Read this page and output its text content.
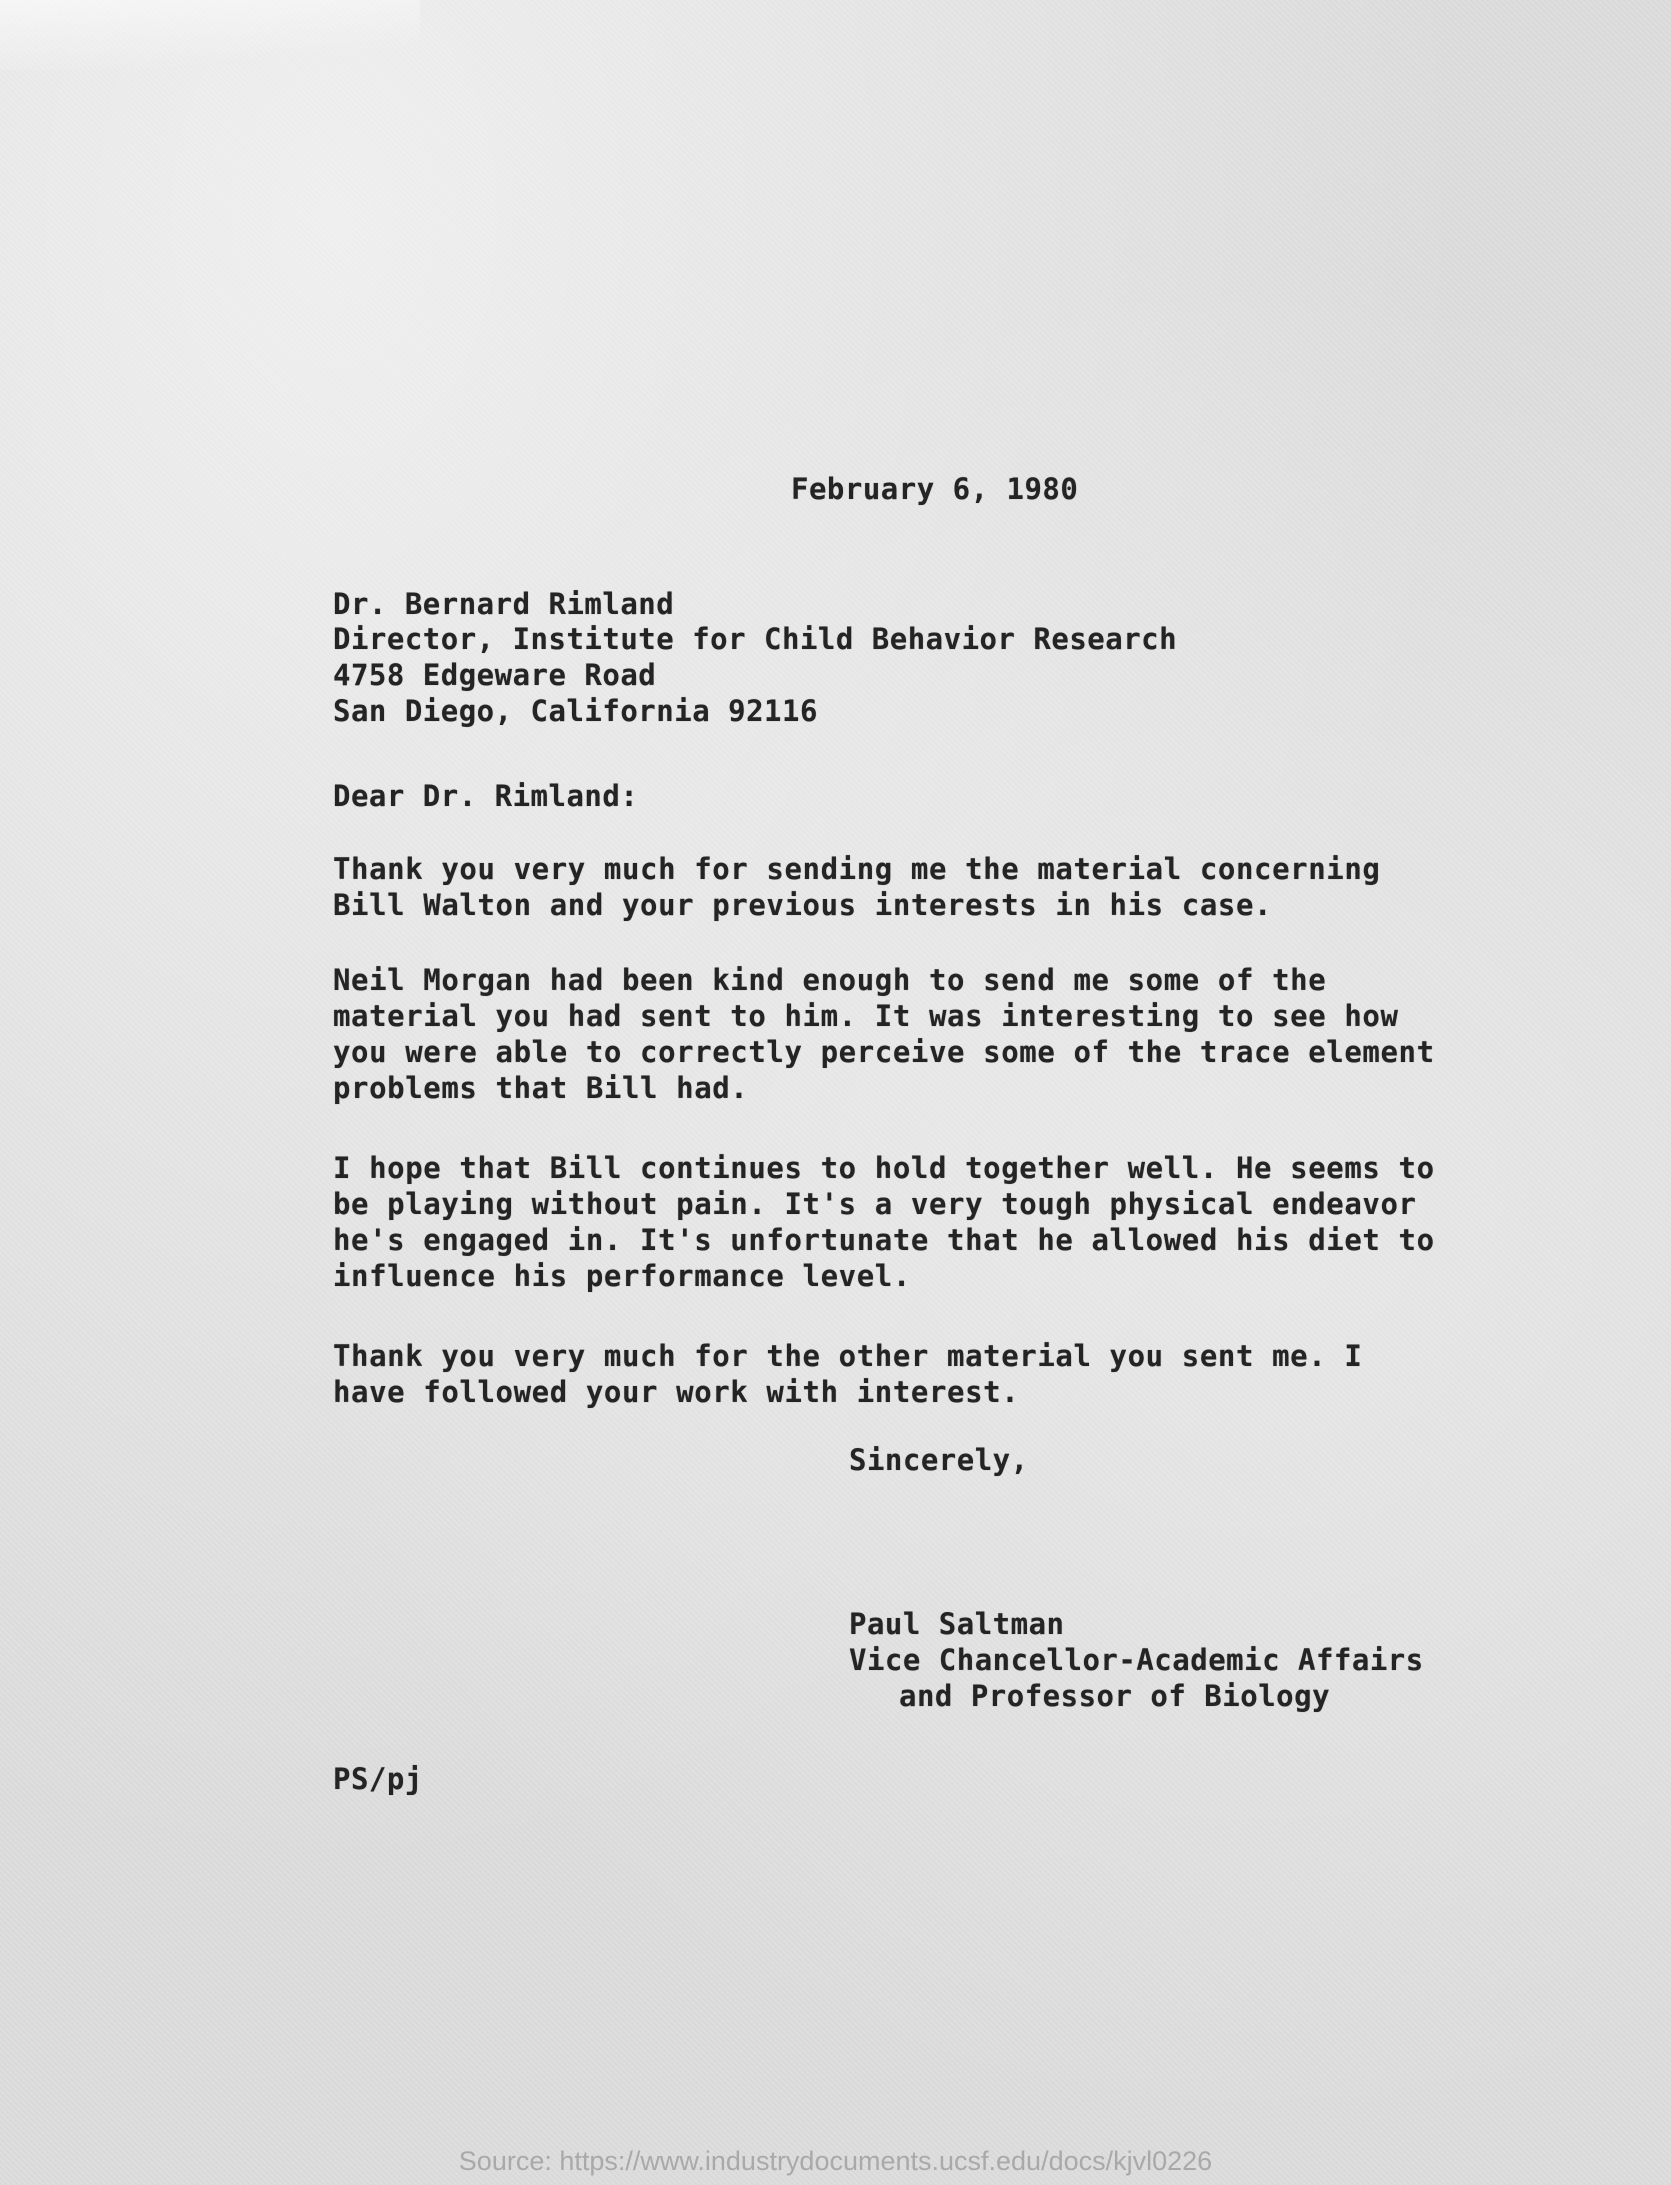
February 6, 1980
Dr. Bernard Rimland
Director, Institute for Child Behavior Research
4758 Edgeware Road
San Diego, California 92116
Dear Dr. Rimland:
Thank you very much for sending me the material concerning
Bill Walton and your previous interests in his case.
Neil Morgan had been kind enough to send me some of the
material you had sent to him. It was interesting to see how
you were able to correctly perceive some of the trace element
problems that Bill had.
I hope that Bill continues to hold together well. He seems to
be playing without pain. It's a very tough physical endeavor
he's engaged in. It's unfortunate that he allowed his diet to
influence his performance level.
Thank you very much for the other material you sent me. I
have followed your work with interest.
Sincerely,
Paul Saltman
Vice Chancellor-Academic Affairs
and Professor of Biology
PS/pj
Source: https://www.industrydocuments.ucsf.edu/docs/kjvl0226
